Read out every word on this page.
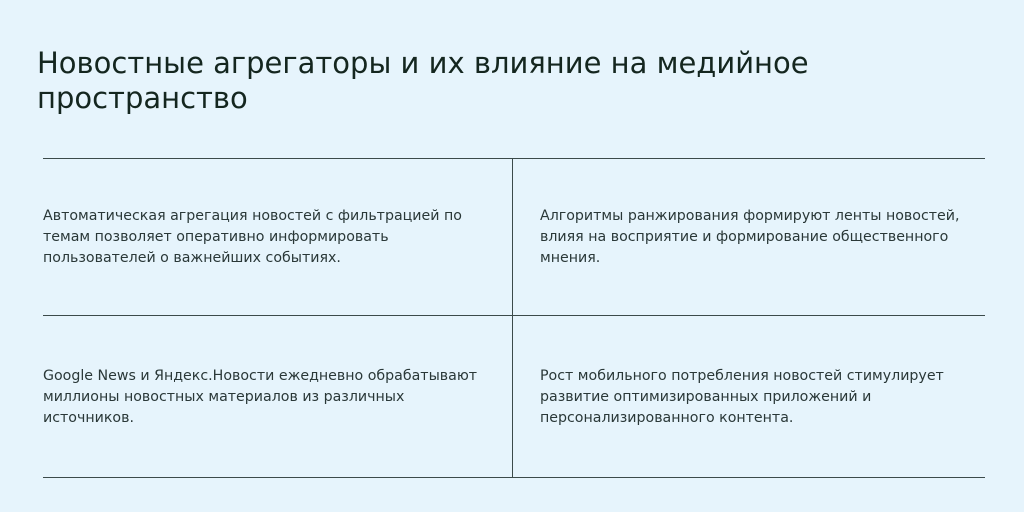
Новостные агрегаторы и их влияние на медийное пространство

Автоматическая агрегация новостей с фильтрацией по темам позволяет оперативно информировать пользователей о важнейших событиях.

Алгоритмы ранжирования формируют ленты новостей, влияя на восприятие и формирование общественного мнения.

Google News и Яндекс.Новости ежедневно обрабатывают миллионы новостных материалов из различных источников.

Рост мобильного потребления новостей стимулирует развитие оптимизированных приложений и персонализированного контента.
